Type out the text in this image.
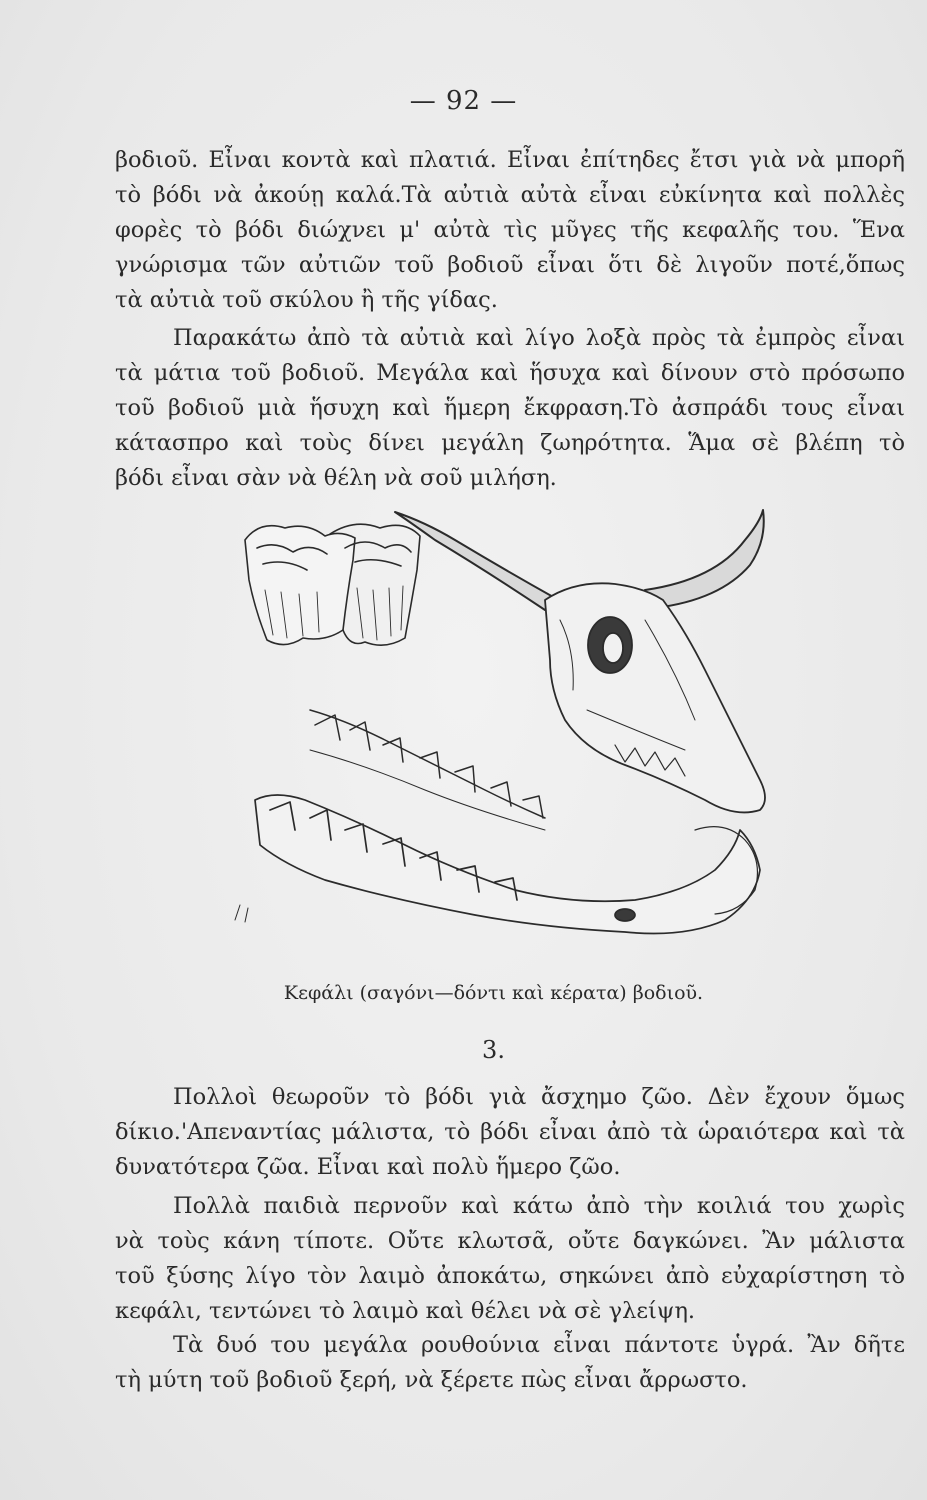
— 92 —
βοδιοῦ. Εἶναι κοντὰ καὶ πλατιά. Εἶναι ἐπίτηδες ἔτσι γιὰ νὰ μπορῆ
τὸ βόδι νὰ ἀκούῃ καλά.Τὰ αὐτιὰ αὐτὰ εἶναι εὐκίνητα καὶ πολλὲς
φορὲς τὸ βόδι διώχνει μ' αὐτὰ τὶς μῦγες τῆς κεφαλῆς του. Ἕνα
γνώρισμα τῶν αὐτιῶν τοῦ βοδιοῦ εἶναι ὅτι δὲ λιγοῦν ποτέ,ὅπως
τὰ αὐτιὰ τοῦ σκύλου ἢ τῆς γίδας.
Παρακάτω ἀπὸ τὰ αὐτιὰ καὶ λίγο λοξὰ πρὸς τὰ ἐμπρὸς εἶναι
τὰ μάτια τοῦ βοδιοῦ. Μεγάλα καὶ ἥσυχα καὶ δίνουν στὸ πρόσωπο
τοῦ βοδιοῦ μιὰ ἥσυχη καὶ ἥμερη ἔκφραση.Τὸ ἀσπράδι τους εἶναι
κάτασπρο καὶ τοὺς δίνει μεγάλη ζωηρότητα. Ἅμα σὲ βλέπη τὸ
βόδι εἶναι σὰν νὰ θέλη νὰ σοῦ μιλήση.
Κεφάλι (σαγόνι—δόντι καὶ κέρατα) βοδιοῦ.
3.
Πολλοὶ θεωροῦν τὸ βόδι γιὰ ἄσχημο ζῶο. Δὲν ἔχουν ὅμως
δίκιο.'Απεναντίας μάλιστα, τὸ βόδι εἶναι ἀπὸ τὰ ὡραιότερα καὶ τὰ
δυνατότερα ζῶα. Εἶναι καὶ πολὺ ἥμερο ζῶο.
Πολλὰ παιδιὰ περνοῦν καὶ κάτω ἀπὸ τὴν κοιλιά του χωρὶς
νὰ τοὺς κάνη τίποτε. Οὔτε κλωτσᾶ, οὔτε δαγκώνει. Ἂν μάλιστα
τοῦ ξύσης λίγο τὸν λαιμὸ ἀποκάτω, σηκώνει ἀπὸ εὐχαρίστηση τὸ
κεφάλι, τεντώνει τὸ λαιμὸ καὶ θέλει νὰ σὲ γλείψη.
Τὰ δυό του μεγάλα ρουθούνια εἶναι πάντοτε ὑγρά. Ἂν δῆτε
τὴ μύτη τοῦ βοδιοῦ ξερή, νὰ ξέρετε πὼς εἶναι ἄρρωστο.
